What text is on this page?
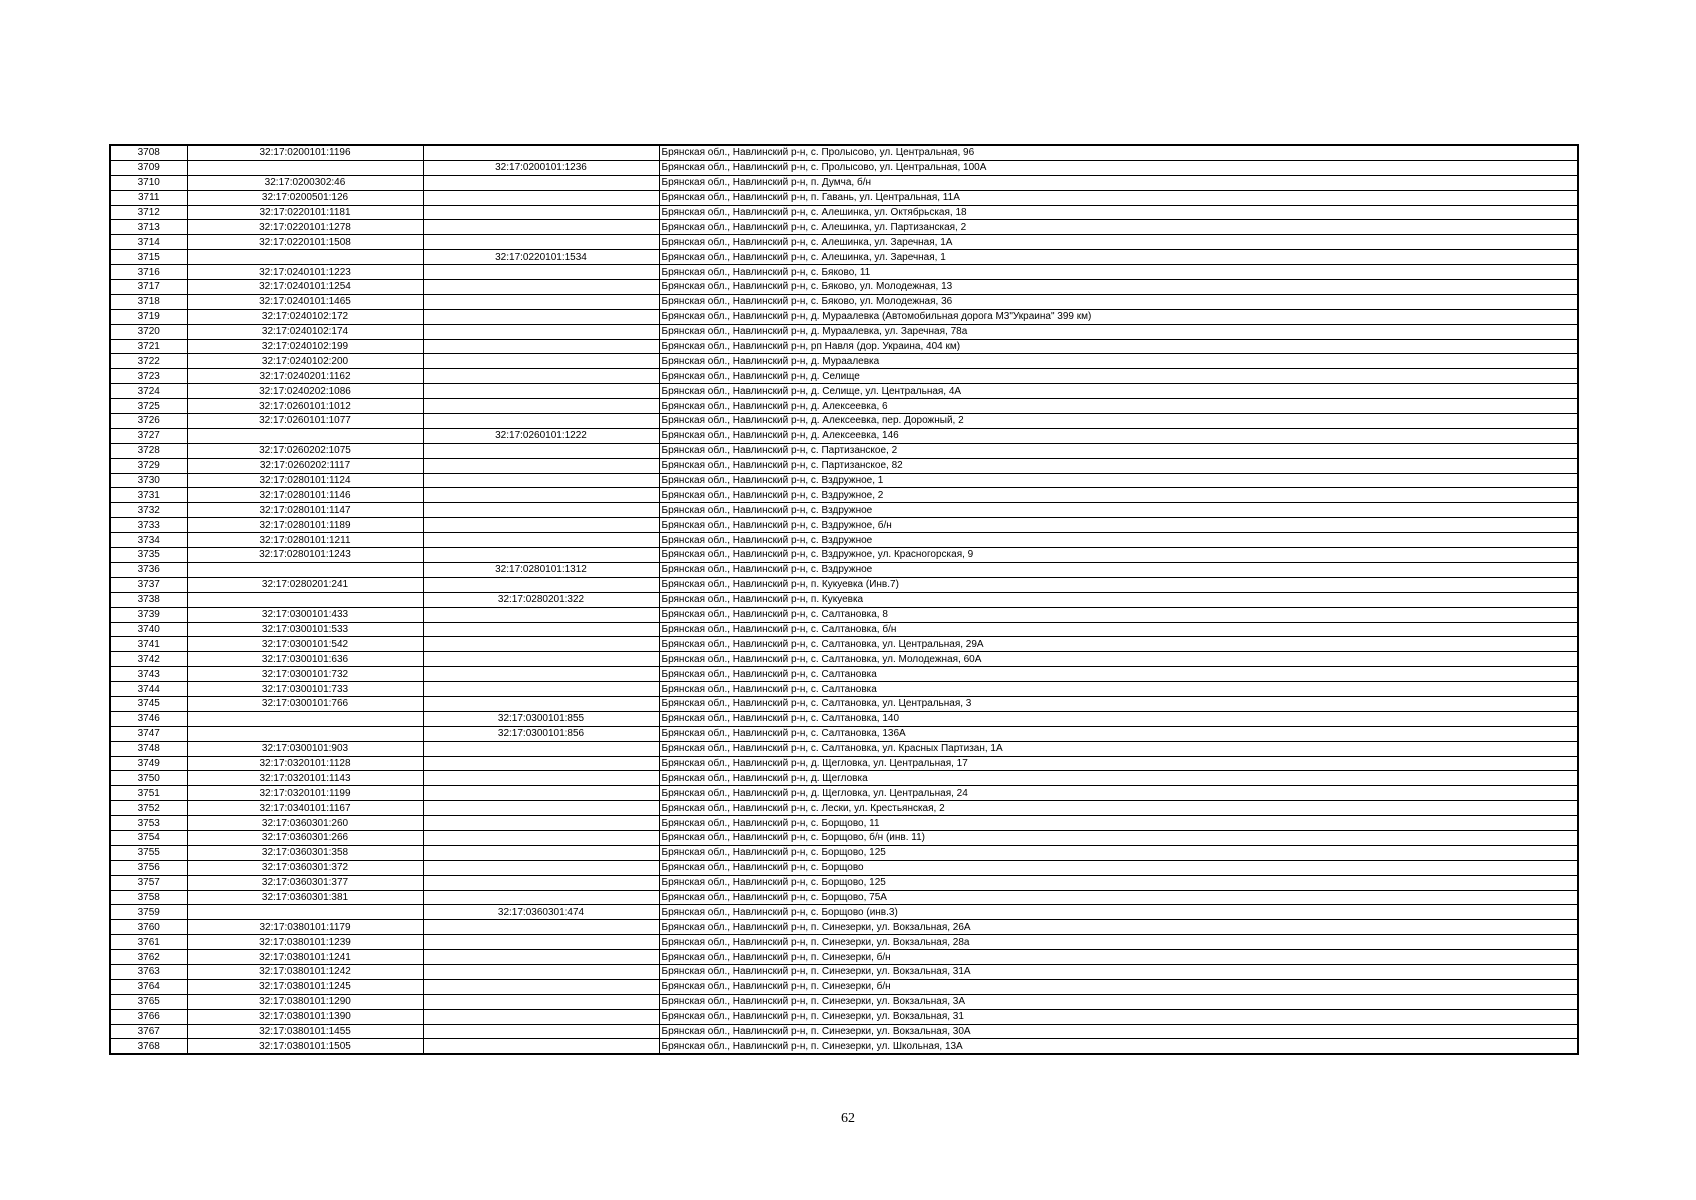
3708	32:17:0200101:1196		Брянская обл., Навлинский р-н, с. Пролысово, ул. Центральная, 96
3709		32:17:0200101:1236	Брянская обл., Навлинский р-н, с. Пролысово, ул. Центральная, 100А
3710	32:17:0200302:46		Брянская обл., Навлинский р-н, п. Думча, б/н
3711	32:17:0200501:126		Брянская обл., Навлинский р-н, п. Гавань, ул. Центральная, 11А
3712	32:17:0220101:1181		Брянская обл., Навлинский р-н, с. Алешинка, ул. Октябрьская, 18
3713	32:17:0220101:1278		Брянская обл., Навлинский р-н, с. Алешинка, ул. Партизанская, 2
3714	32:17:0220101:1508		Брянская обл., Навлинский р-н, с. Алешинка, ул. Заречная, 1А
3715		32:17:0220101:1534	Брянская обл., Навлинский р-н, с. Алешинка, ул. Заречная, 1
3716	32:17:0240101:1223		Брянская обл., Навлинский р-н, с. Бяково, 11
3717	32:17:0240101:1254		Брянская обл., Навлинский р-н, с. Бяково, ул. Молодежная, 13
3718	32:17:0240101:1465		Брянская обл., Навлинский р-н, с. Бяково, ул. Молодежная, 36
3719	32:17:0240102:172		Брянская обл., Навлинский р-н, д. Мураалевка (Автомобильная дорога М3"Украина" 399 км)
3720	32:17:0240102:174		Брянская обл., Навлинский р-н, д. Мураалевка, ул. Заречная, 78а
3721	32:17:0240102:199		Брянская обл., Навлинский р-н, рп Навля (дор. Украина, 404 км)
3722	32:17:0240102:200		Брянская обл., Навлинский р-н, д. Мураалевка
3723	32:17:0240201:1162		Брянская обл., Навлинский р-н, д. Селище
3724	32:17:0240202:1086		Брянская обл., Навлинский р-н, д. Селище, ул. Центральная, 4А
3725	32:17:0260101:1012		Брянская обл., Навлинский р-н, д. Алексеевка, 6
3726	32:17:0260101:1077		Брянская обл., Навлинский р-н, д. Алексеевка, пер. Дорожный, 2
3727		32:17:0260101:1222	Брянская обл., Навлинский р-н, д. Алексеевка, 146
3728	32:17:0260202:1075		Брянская обл., Навлинский р-н, с. Партизанское, 2
3729	32:17:0260202:1117		Брянская обл., Навлинский р-н, с. Партизанское, 82
3730	32:17:0280101:1124		Брянская обл., Навлинский р-н, с. Вздружное, 1
3731	32:17:0280101:1146		Брянская обл., Навлинский р-н, с. Вздружное, 2
3732	32:17:0280101:1147		Брянская обл., Навлинский р-н, с. Вздружное
3733	32:17:0280101:1189		Брянская обл., Навлинский р-н, с. Вздружное, б/н
3734	32:17:0280101:1211		Брянская обл., Навлинский р-н, с. Вздружное
3735	32:17:0280101:1243		Брянская обл., Навлинский р-н, с. Вздружное, ул. Красногорская, 9
3736		32:17:0280101:1312	Брянская обл., Навлинский р-н, с. Вздружное
3737	32:17:0280201:241		Брянская обл., Навлинский р-н, п. Кукуевка (Инв.7)
3738		32:17:0280201:322	Брянская обл., Навлинский р-н, п. Кукуевка
3739	32:17:0300101:433		Брянская обл., Навлинский р-н, с. Салтановка, 8
3740	32:17:0300101:533		Брянская обл., Навлинский р-н, с. Салтановка, б/н
3741	32:17:0300101:542		Брянская обл., Навлинский р-н, с. Салтановка, ул. Центральная, 29А
3742	32:17:0300101:636		Брянская обл., Навлинский р-н, с. Салтановка, ул. Молодежная, 60А
3743	32:17:0300101:732		Брянская обл., Навлинский р-н, с. Салтановка
3744	32:17:0300101:733		Брянская обл., Навлинский р-н, с. Салтановка
3745	32:17:0300101:766		Брянская обл., Навлинский р-н, с. Салтановка, ул. Центральная, 3
3746		32:17:0300101:855	Брянская обл., Навлинский р-н, с. Салтановка, 140
3747		32:17:0300101:856	Брянская обл., Навлинский р-н, с. Салтановка, 136А
3748	32:17:0300101:903		Брянская обл., Навлинский р-н, с. Салтановка, ул. Красных Партизан, 1А
3749	32:17:0320101:1128		Брянская обл., Навлинский р-н, д. Щегловка, ул. Центральная, 17
3750	32:17:0320101:1143		Брянская обл., Навлинский р-н, д. Щегловка
3751	32:17:0320101:1199		Брянская обл., Навлинский р-н, д. Щегловка, ул. Центральная, 24
3752	32:17:0340101:1167		Брянская обл., Навлинский р-н, с. Лески, ул. Крестьянская, 2
3753	32:17:0360301:260		Брянская обл., Навлинский р-н, с. Борщово, 11
3754	32:17:0360301:266		Брянская обл., Навлинский р-н, с. Борщово, б/н (инв. 11)
3755	32:17:0360301:358		Брянская обл., Навлинский р-н, с. Борщово, 125
3756	32:17:0360301:372		Брянская обл., Навлинский р-н, с. Борщово
3757	32:17:0360301:377		Брянская обл., Навлинский р-н, с. Борщово, 125
3758	32:17:0360301:381		Брянская обл., Навлинский р-н, с. Борщово, 75А
3759		32:17:0360301:474	Брянская обл., Навлинский р-н, с. Борщово (инв.3)
3760	32:17:0380101:1179		Брянская обл., Навлинский р-н, п. Синезерки, ул. Вокзальная, 26А
3761	32:17:0380101:1239		Брянская обл., Навлинский р-н, п. Синезерки, ул. Вокзальная, 28а
3762	32:17:0380101:1241		Брянская обл., Навлинский р-н, п. Синезерки, б/н
3763	32:17:0380101:1242		Брянская обл., Навлинский р-н, п. Синезерки, ул. Вокзальная, 31А
3764	32:17:0380101:1245		Брянская обл., Навлинский р-н, п. Синезерки, б/н
3765	32:17:0380101:1290		Брянская обл., Навлинский р-н, п. Синезерки, ул. Вокзальная, 3А
3766	32:17:0380101:1390		Брянская обл., Навлинский р-н, п. Синезерки, ул. Вокзальная, 31
3767	32:17:0380101:1455		Брянская обл., Навлинский р-н, п. Синезерки, ул. Вокзальная, 30А
3768	32:17:0380101:1505		Брянская обл., Навлинский р-н, п. Синезерки, ул. Школьная, 13А
62
